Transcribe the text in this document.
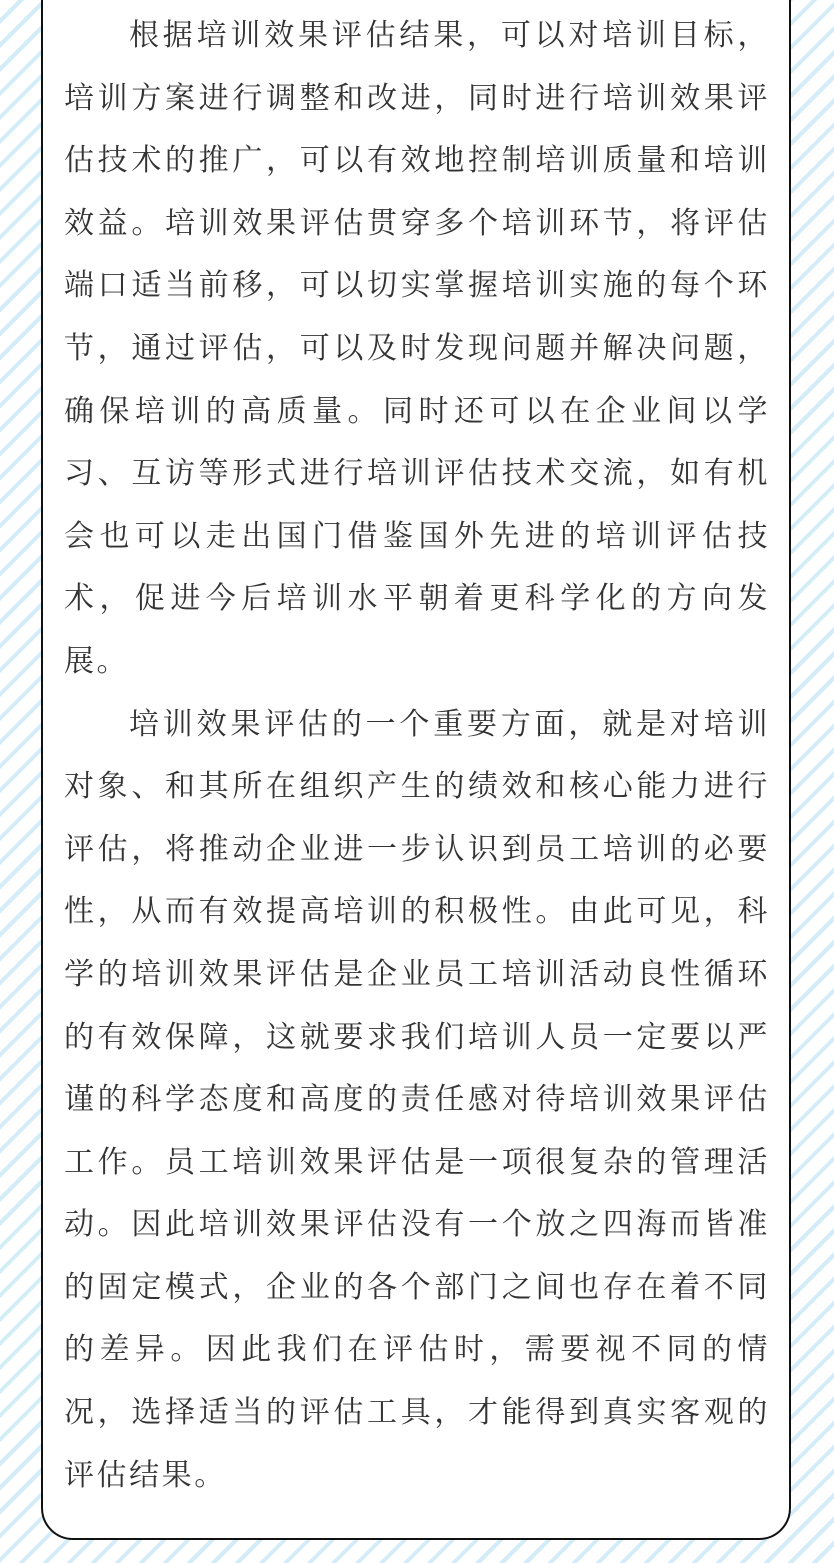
根据培训效果评估结果，可以对培训目标，培训方案进行调整和改进，同时进行培训效果评估技术的推广，可以有效地控制培训质量和培训效益。培训效果评估贯穿多个培训环节，将评估端口适当前移，可以切实掌握培训实施的每个环节，通过评估，可以及时发现问题并解决问题，确保培训的高质量。同时还可以在企业间以学习、互访等形式进行培训评估技术交流，如有机会也可以走出国门借鉴国外先进的培训评估技术，促进今后培训水平朝着更科学化的方向发展。

培训效果评估的一个重要方面，就是对培训对象、和其所在组织产生的绩效和核心能力进行评估，将推动企业进一步认识到员工培训的必要性，从而有效提高培训的积极性。由此可见，科学的培训效果评估是企业员工培训活动良性循环的有效保障，这就要求我们培训人员一定要以严谨的科学态度和高度的责任感对待培训效果评估工作。员工培训效果评估是一项很复杂的管理活动。因此培训效果评估没有一个放之四海而皆准的固定模式，企业的各个部门之间也存在着不同的差异。因此我们在评估时，需要视不同的情况，选择适当的评估工具，才能得到真实客观的评估结果。
